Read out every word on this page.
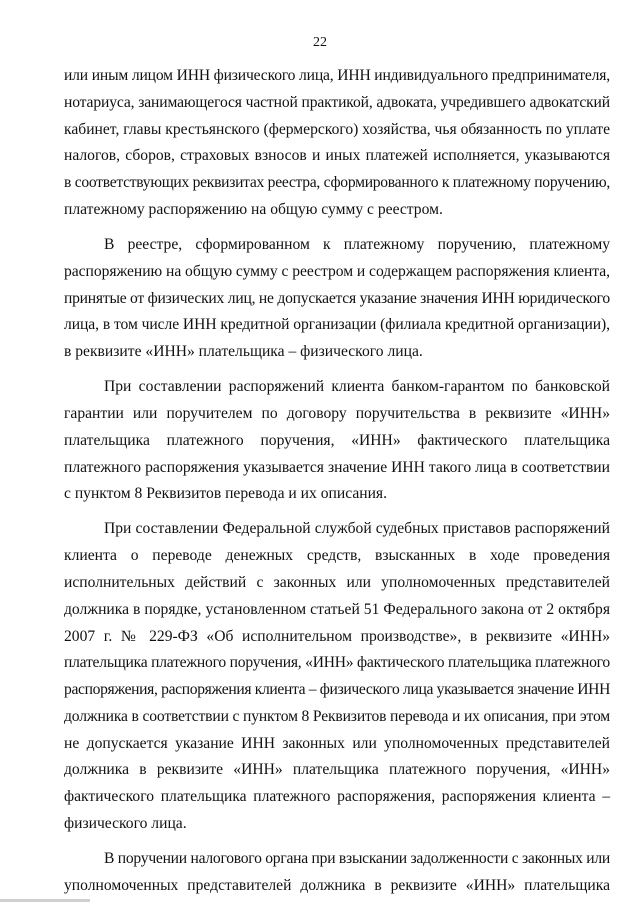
22
или иным лицом ИНН физического лица, ИНН индивидуального предпринимателя,
нотариуса, занимающегося частной практикой, адвоката, учредившего адвокатский
кабинет, главы крестьянского (фермерского) хозяйства, чья обязанность по уплате
налогов, сборов, страховых взносов и иных платежей исполняется, указываются
в соответствующих реквизитах реестра, сформированного к платежному поручению,
платежному распоряжению на общую сумму с реестром.
В реестре, сформированном к платежному поручению, платежному
распоряжению на общую сумму с реестром и содержащем распоряжения клиента,
принятые от физических лиц, не допускается указание значения ИНН юридического
лица, в том числе ИНН кредитной организации (филиала кредитной организации),
в реквизите «ИНН» плательщика – физического лица.
При составлении распоряжений клиента банком-гарантом по банковской
гарантии или поручителем по договору поручительства в реквизите «ИНН»
плательщика платежного поручения, «ИНН» фактического плательщика
платежного распоряжения указывается значение ИНН такого лица в соответствии
с пунктом 8 Реквизитов перевода и их описания.
При составлении Федеральной службой судебных приставов распоряжений
клиента о переводе денежных средств, взысканных в ходе проведения
исполнительных действий с законных или уполномоченных представителей
должника в порядке, установленном статьей 51 Федерального закона от 2 октября
2007 г. № 229-ФЗ «Об исполнительном производстве», в реквизите «ИНН»
плательщика платежного поручения, «ИНН» фактического плательщика платежного
распоряжения, распоряжения клиента – физического лица указывается значение ИНН
должника в соответствии с пунктом 8 Реквизитов перевода и их описания, при этом
не допускается указание ИНН законных или уполномоченных представителей
должника в реквизите «ИНН» плательщика платежного поручения, «ИНН»
фактического плательщика платежного распоряжения, распоряжения клиента –
физического лица.
В поручении налогового органа при взыскании задолженности с законных или
уполномоченных представителей должника в реквизите «ИНН» плательщика
